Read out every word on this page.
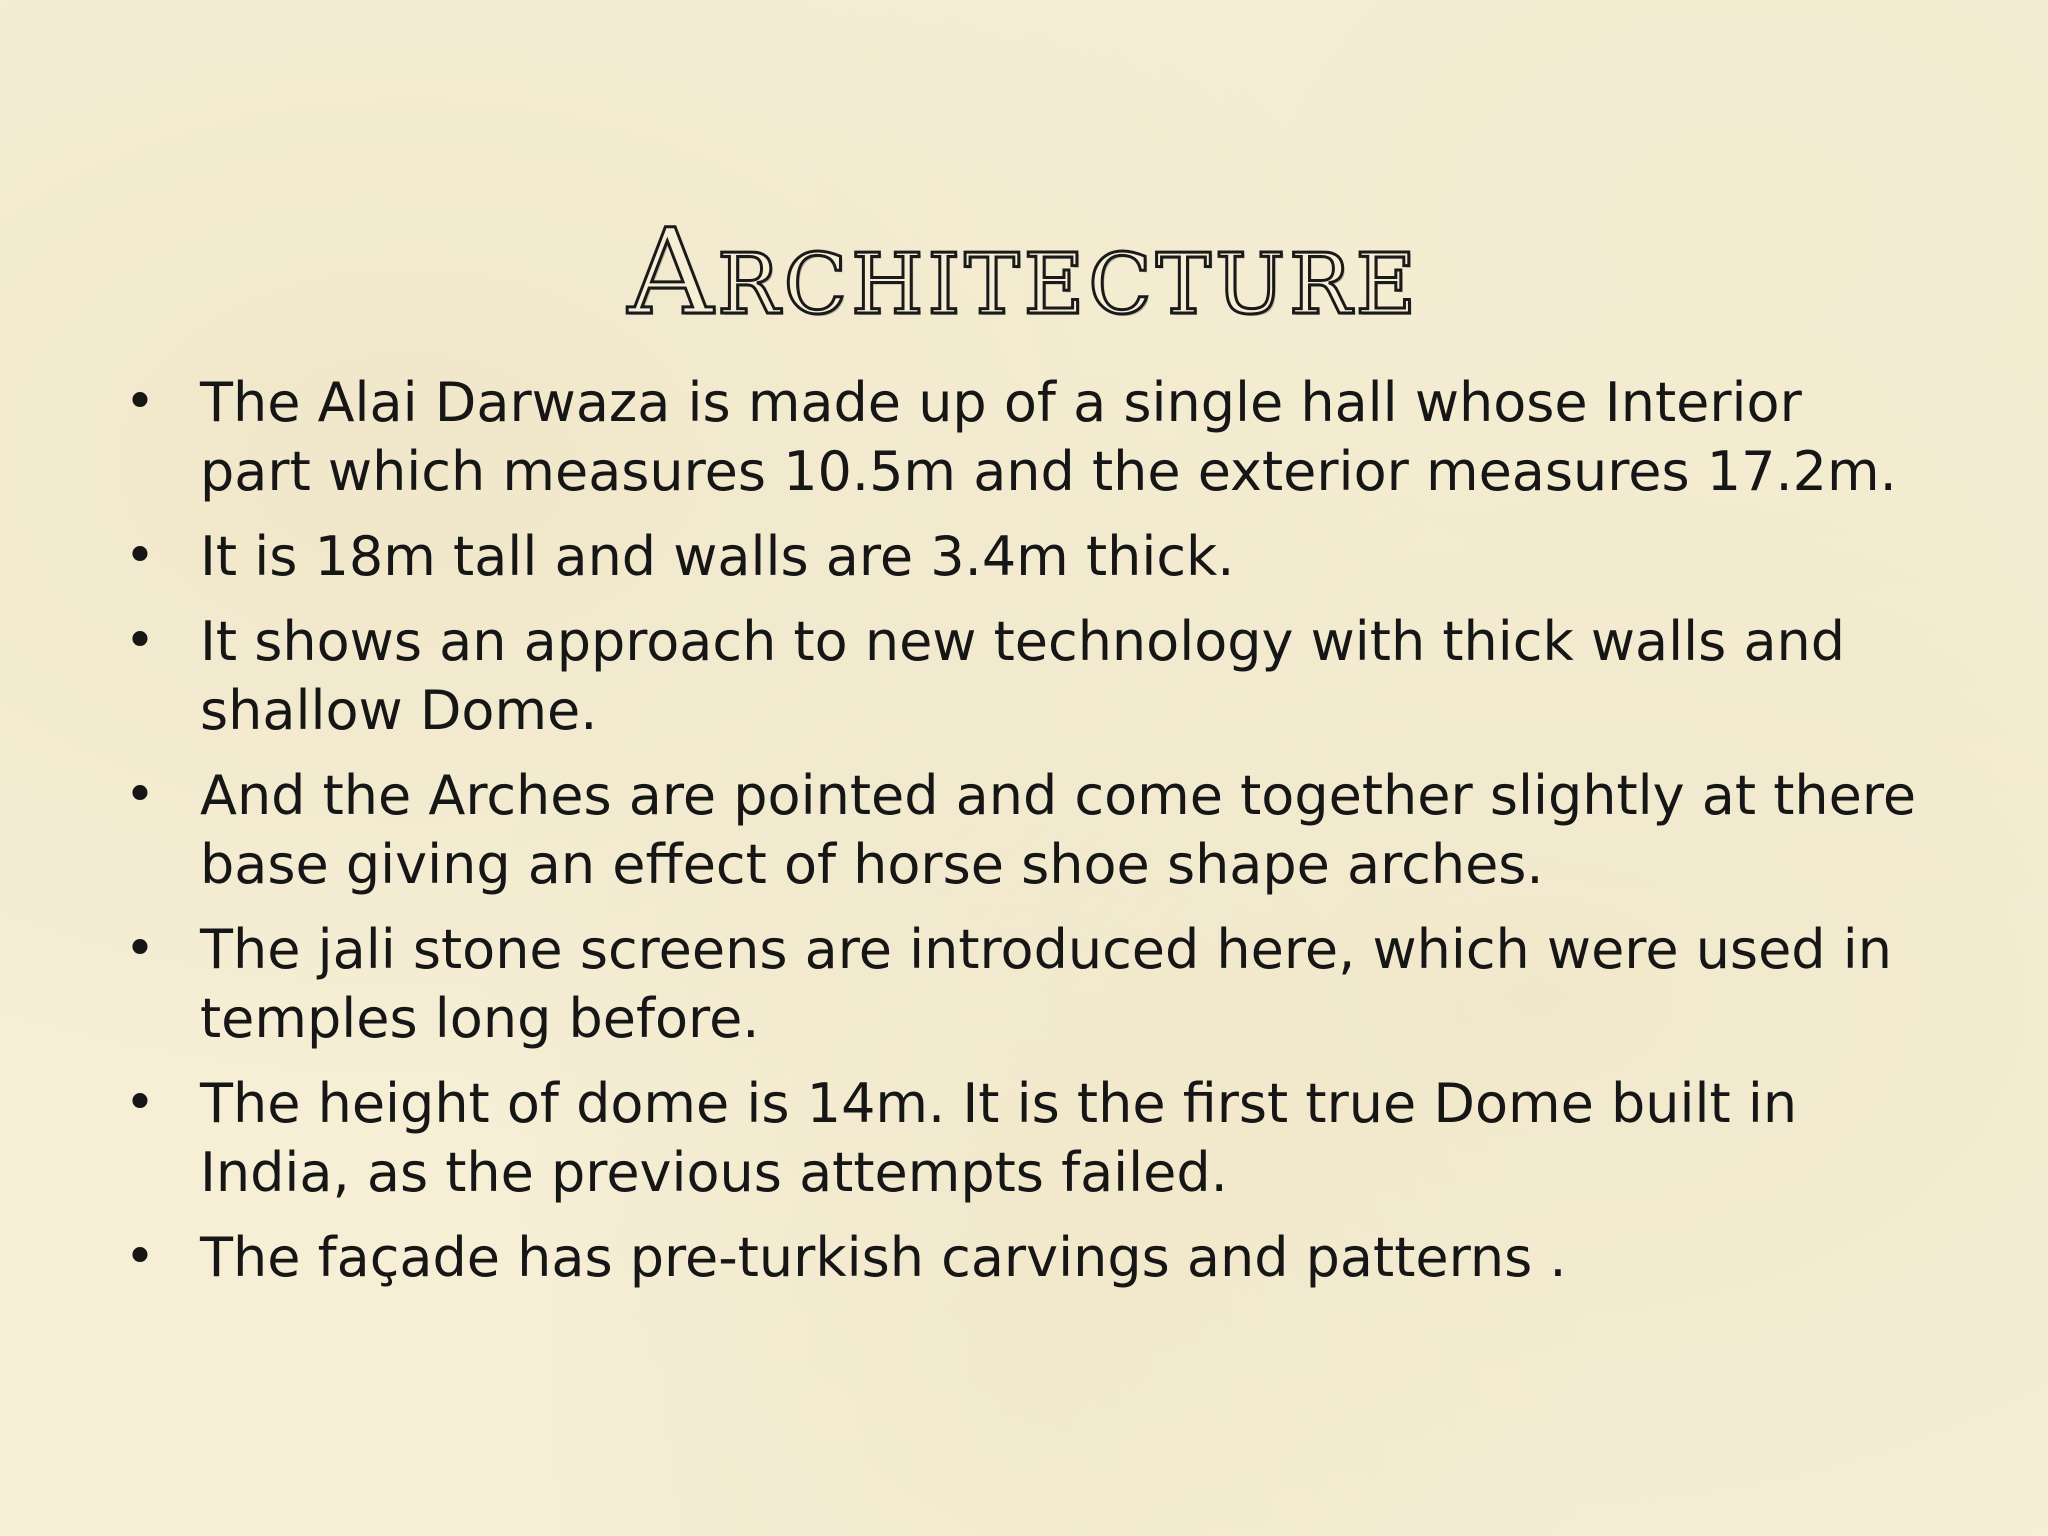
Architecture
• The Alai Darwaza is made up of a single hall whose Interior part which measures 10.5m and the exterior measures 17.2m.
• It is 18m tall and walls are 3.4m thick.
• It shows an approach to new technology with thick walls and shallow Dome.
• And the Arches are pointed and come together slightly at there base giving an effect of horse shoe shape arches.
• The jali stone screens are introduced here, which were used in temples long before.
• The height of dome is 14m. It is the first true Dome built in India, as the previous attempts failed.
• The façade has pre-turkish carvings and patterns .
